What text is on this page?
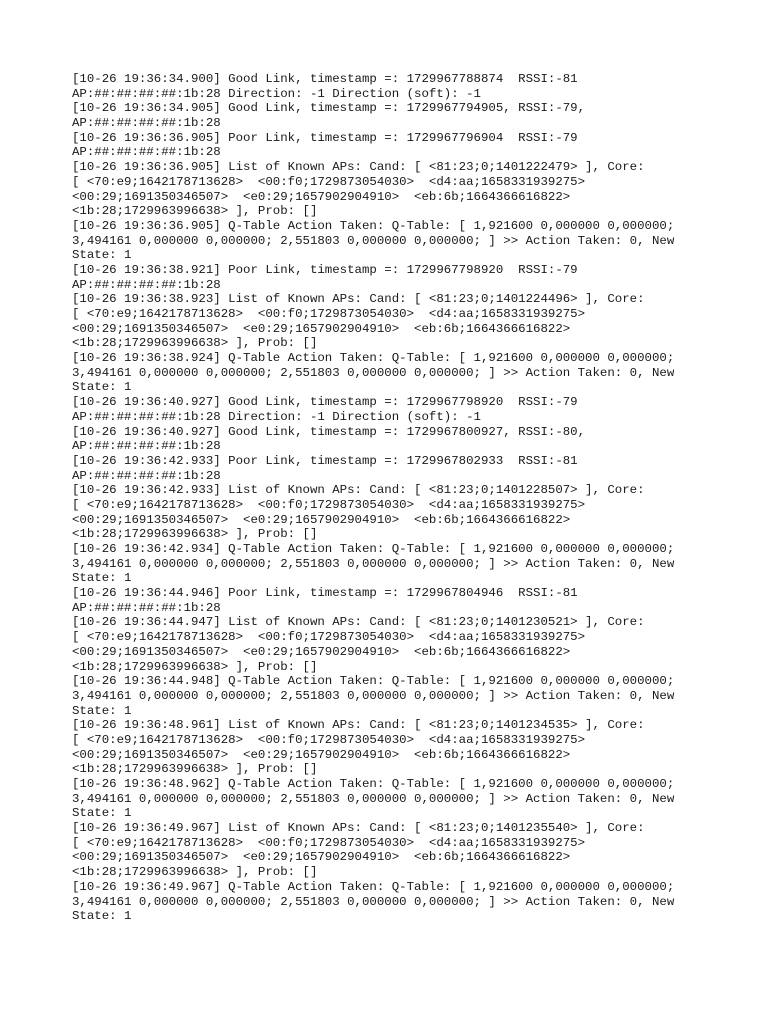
[10-26 19:36:34.900] Good Link, timestamp =: 1729967788874  RSSI:-81
AP:##:##:##:##:1b:28 Direction: -1 Direction (soft): -1
[10-26 19:36:34.905] Good Link, timestamp =: 1729967794905, RSSI:-79,
AP:##:##:##:##:1b:28
[10-26 19:36:36.905] Poor Link, timestamp =: 1729967796904  RSSI:-79
AP:##:##:##:##:1b:28
[10-26 19:36:36.905] List of Known APs: Cand: [ <81:23;0;1401222479> ], Core:
[ <70:e9;1642178713628>  <00:f0;1729873054030>  <d4:aa;1658331939275>
<00:29;1691350346507>  <e0:29;1657902904910>  <eb:6b;1664366616822>
<1b:28;1729963996638> ], Prob: []
[10-26 19:36:36.905] Q-Table Action Taken: Q-Table: [ 1,921600 0,000000 0,000000;
3,494161 0,000000 0,000000; 2,551803 0,000000 0,000000; ] >> Action Taken: 0, New
State: 1
[10-26 19:36:38.921] Poor Link, timestamp =: 1729967798920  RSSI:-79
AP:##:##:##:##:1b:28
[10-26 19:36:38.923] List of Known APs: Cand: [ <81:23;0;1401224496> ], Core:
[ <70:e9;1642178713628>  <00:f0;1729873054030>  <d4:aa;1658331939275>
<00:29;1691350346507>  <e0:29;1657902904910>  <eb:6b;1664366616822>
<1b:28;1729963996638> ], Prob: []
[10-26 19:36:38.924] Q-Table Action Taken: Q-Table: [ 1,921600 0,000000 0,000000;
3,494161 0,000000 0,000000; 2,551803 0,000000 0,000000; ] >> Action Taken: 0, New
State: 1
[10-26 19:36:40.927] Good Link, timestamp =: 1729967798920  RSSI:-79
AP:##:##:##:##:1b:28 Direction: -1 Direction (soft): -1
[10-26 19:36:40.927] Good Link, timestamp =: 1729967800927, RSSI:-80,
AP:##:##:##:##:1b:28
[10-26 19:36:42.933] Poor Link, timestamp =: 1729967802933  RSSI:-81
AP:##:##:##:##:1b:28
[10-26 19:36:42.933] List of Known APs: Cand: [ <81:23;0;1401228507> ], Core:
[ <70:e9;1642178713628>  <00:f0;1729873054030>  <d4:aa;1658331939275>
<00:29;1691350346507>  <e0:29;1657902904910>  <eb:6b;1664366616822>
<1b:28;1729963996638> ], Prob: []
[10-26 19:36:42.934] Q-Table Action Taken: Q-Table: [ 1,921600 0,000000 0,000000;
3,494161 0,000000 0,000000; 2,551803 0,000000 0,000000; ] >> Action Taken: 0, New
State: 1
[10-26 19:36:44.946] Poor Link, timestamp =: 1729967804946  RSSI:-81
AP:##:##:##:##:1b:28
[10-26 19:36:44.947] List of Known APs: Cand: [ <81:23;0;1401230521> ], Core:
[ <70:e9;1642178713628>  <00:f0;1729873054030>  <d4:aa;1658331939275>
<00:29;1691350346507>  <e0:29;1657902904910>  <eb:6b;1664366616822>
<1b:28;1729963996638> ], Prob: []
[10-26 19:36:44.948] Q-Table Action Taken: Q-Table: [ 1,921600 0,000000 0,000000;
3,494161 0,000000 0,000000; 2,551803 0,000000 0,000000; ] >> Action Taken: 0, New
State: 1
[10-26 19:36:48.961] List of Known APs: Cand: [ <81:23;0;1401234535> ], Core:
[ <70:e9;1642178713628>  <00:f0;1729873054030>  <d4:aa;1658331939275>
<00:29;1691350346507>  <e0:29;1657902904910>  <eb:6b;1664366616822>
<1b:28;1729963996638> ], Prob: []
[10-26 19:36:48.962] Q-Table Action Taken: Q-Table: [ 1,921600 0,000000 0,000000;
3,494161 0,000000 0,000000; 2,551803 0,000000 0,000000; ] >> Action Taken: 0, New
State: 1
[10-26 19:36:49.967] List of Known APs: Cand: [ <81:23;0;1401235540> ], Core:
[ <70:e9;1642178713628>  <00:f0;1729873054030>  <d4:aa;1658331939275>
<00:29;1691350346507>  <e0:29;1657902904910>  <eb:6b;1664366616822>
<1b:28;1729963996638> ], Prob: []
[10-26 19:36:49.967] Q-Table Action Taken: Q-Table: [ 1,921600 0,000000 0,000000;
3,494161 0,000000 0,000000; 2,551803 0,000000 0,000000; ] >> Action Taken: 0, New
State: 1
